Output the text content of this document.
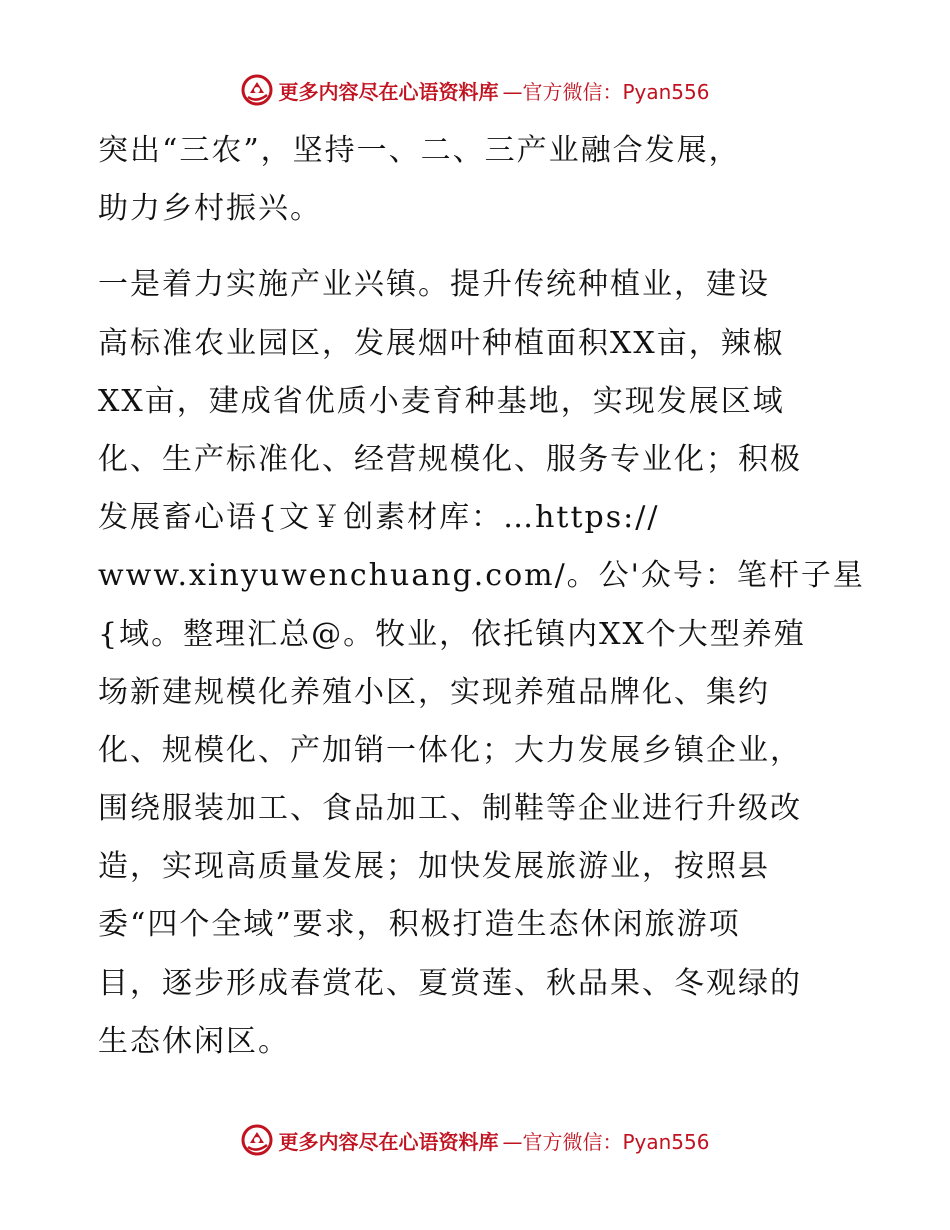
更多内容尽在心语资料库 —官方微信：Pyan556

突出“三农”，坚持一、二、三产业融合发展，
助力乡村振兴。

一是着力实施产业兴镇。提升传统种植业，建设
高标准农业园区，发展烟叶种植面积XX亩，辣椒
XX亩，建成省优质小麦育种基地，实现发展区域
化、生产标准化、经营规模化、服务专业化；积极
发展畜心语{文￥创素材库：…https://
www.xinyuwenchuang.com/。公'众号：笔杆子星
{域。整理汇总@。牧业，依托镇内XX个大型养殖
场新建规模化养殖小区，实现养殖品牌化、集约
化、规模化、产加销一体化；大力发展乡镇企业，
围绕服装加工、食品加工、制鞋等企业进行升级改
造，实现高质量发展；加快发展旅游业，按照县
委“四个全域”要求，积极打造生态休闲旅游项
目，逐步形成春赏花、夏赏莲、秋品果、冬观绿的
生态休闲区。

更多内容尽在心语资料库 —官方微信：Pyan556
